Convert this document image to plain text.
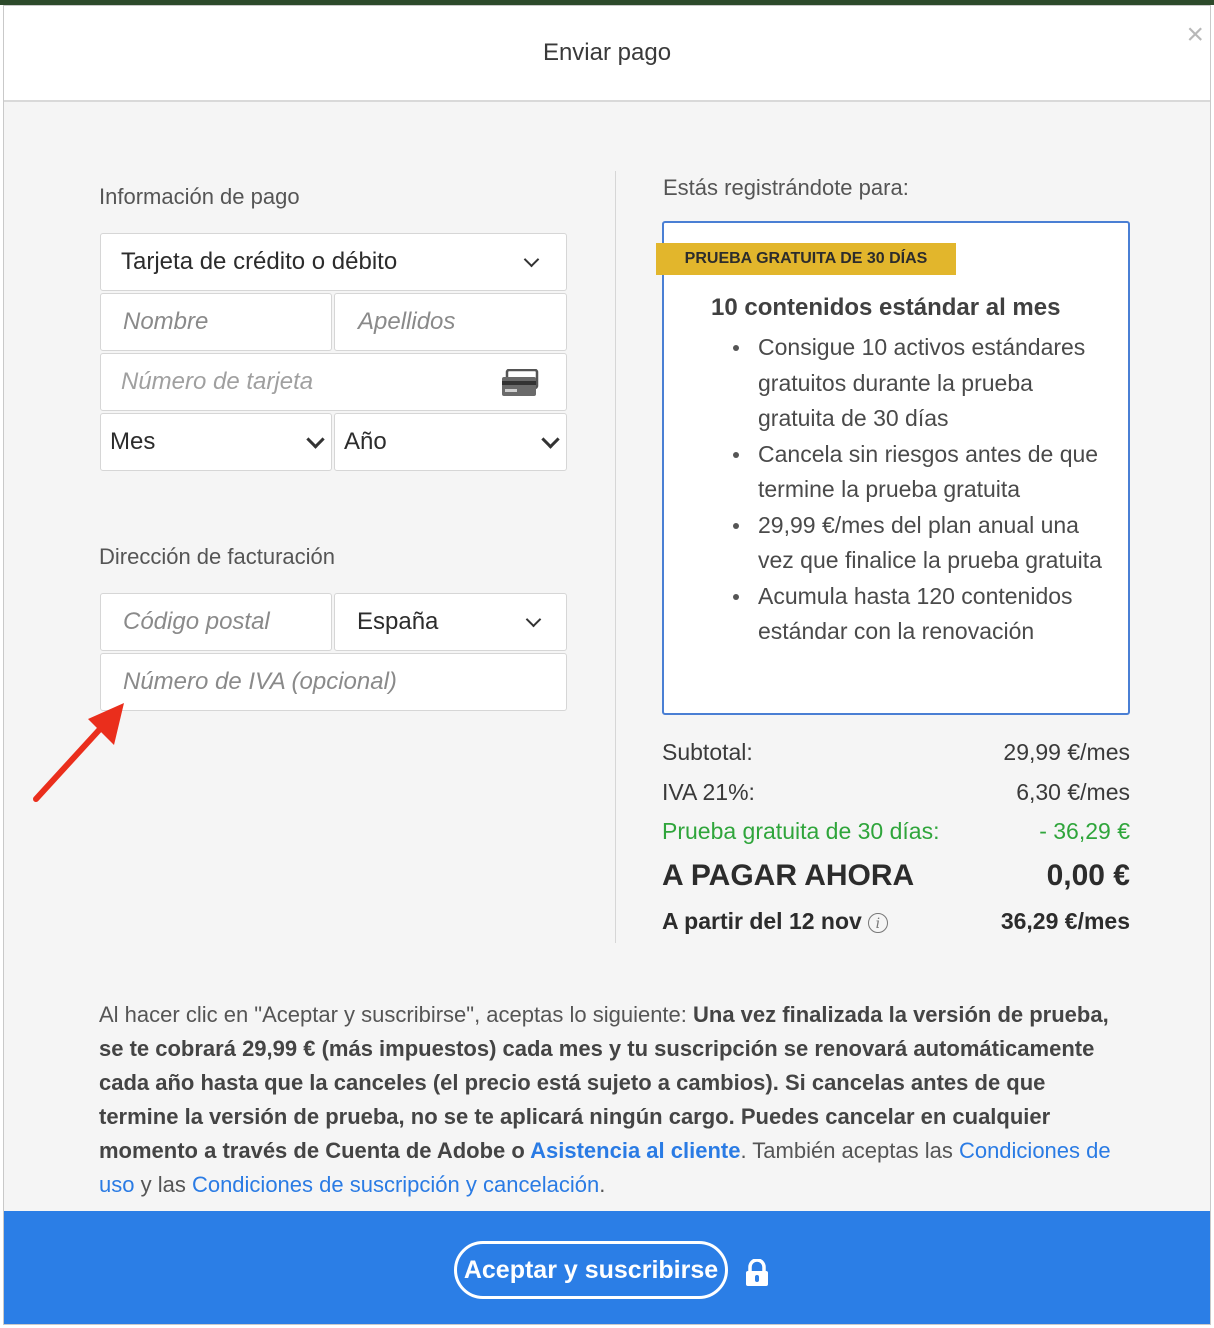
Enviar pago
×
Información de pago
Tarjeta de crédito o débito
Nombre	Apellidos
Número de tarjeta
Mes	Año
Dirección de facturación
Código postal	España
Número de IVA (opcional)
Estás registrándote para:
PRUEBA GRATUITA DE 30 DÍAS
10 contenidos estándar al mes
Consigue 10 activos estándares gratuitos durante la prueba gratuita de 30 días
Cancela sin riesgos antes de que termine la prueba gratuita
29,99 €/mes del plan anual una vez que finalice la prueba gratuita
Acumula hasta 120 contenidos estándar con la renovación
Subtotal:	29,99 €/mes
IVA 21%:	6,30 €/mes
Prueba gratuita de 30 días:	- 36,29 €
A PAGAR AHORA	0,00 €
A partir del 12 nov i	36,29 €/mes
Al hacer clic en "Aceptar y suscribirse", aceptas lo siguiente: Una vez finalizada la versión de prueba, se te cobrará 29,99 € (más impuestos) cada mes y tu suscripción se renovará automáticamente cada año hasta que la canceles (el precio está sujeto a cambios). Si cancelas antes de que termine la versión de prueba, no se te aplicará ningún cargo. Puedes cancelar en cualquier momento a través de Cuenta de Adobe o Asistencia al cliente. También aceptas las Condiciones de uso y las Condiciones de suscripción y cancelación.
Aceptar y suscribirse
